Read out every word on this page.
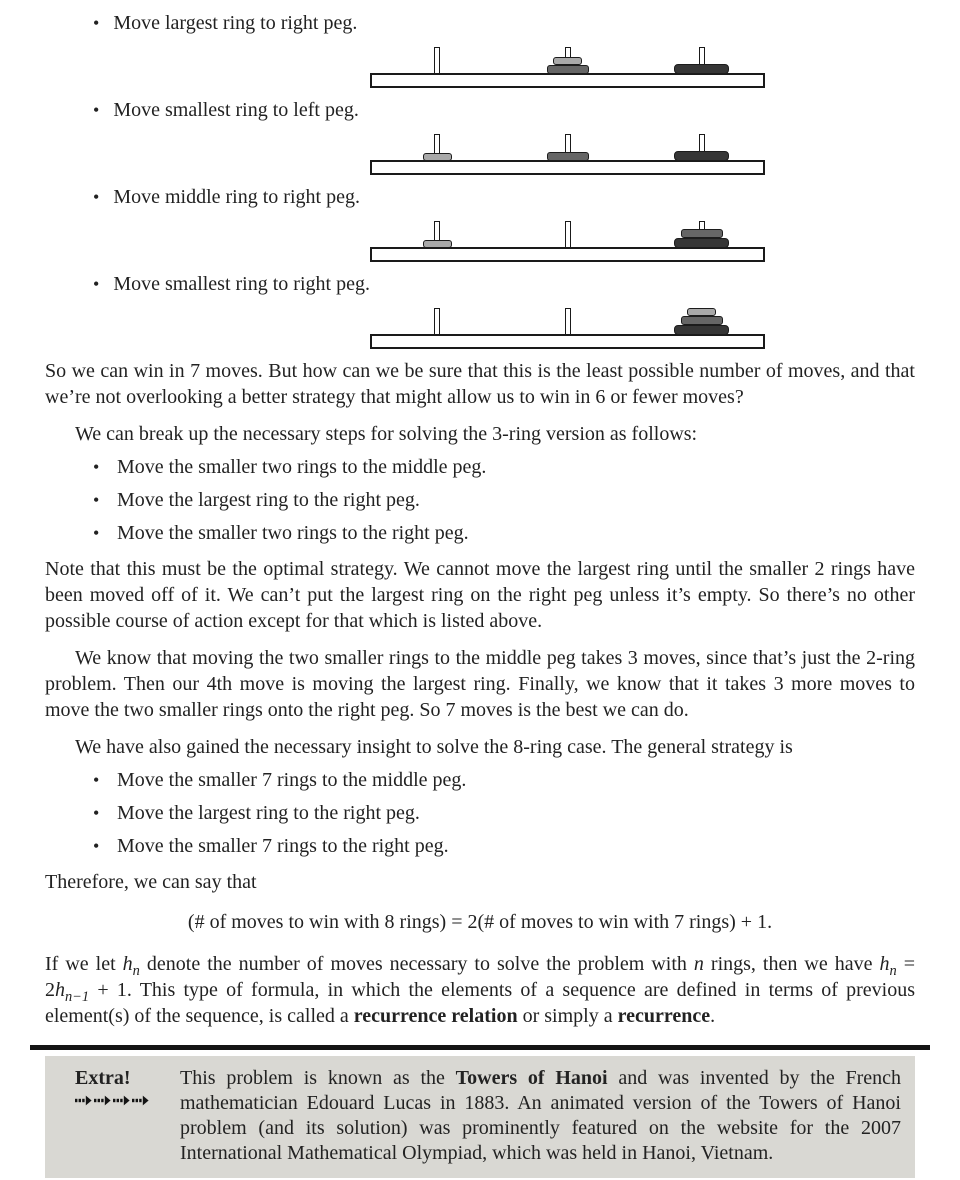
• Move largest ring to right peg.
• Move smallest ring to left peg.
• Move middle ring to right peg.
• Move smallest ring to right peg.

So we can win in 7 moves. But how can we be sure that this is the least possible number of moves, and that we’re not overlooking a better strategy that might allow us to win in 6 or fewer moves?

We can break up the necessary steps for solving the 3-ring version as follows:

• Move the smaller two rings to the middle peg.
• Move the largest ring to the right peg.
• Move the smaller two rings to the right peg.

Note that this must be the optimal strategy. We cannot move the largest ring until the smaller 2 rings have been moved off of it. We can’t put the largest ring on the right peg unless it’s empty. So there’s no other possible course of action except for that which is listed above.

We know that moving the two smaller rings to the middle peg takes 3 moves, since that’s just the 2-ring problem. Then our 4th move is moving the largest ring. Finally, we know that it takes 3 more moves to move the two smaller rings onto the right peg. So 7 moves is the best we can do.

We have also gained the necessary insight to solve the 8-ring case. The general strategy is

• Move the smaller 7 rings to the middle peg.
• Move the largest ring to the right peg.
• Move the smaller 7 rings to the right peg.

Therefore, we can say that

(# of moves to win with 8 rings) = 2(# of moves to win with 7 rings) + 1.

If we let $h_n$ denote the number of moves necessary to solve the problem with n rings, then we have $h_n = 2h_{n-1} + 1$. This type of formula, in which the elements of a sequence are defined in terms of previous element(s) of the sequence, is called a recurrence relation or simply a recurrence.

Extra!	This problem is known as the Towers of Hanoi and was invented by the French mathematician Edouard Lucas in 1883. An animated version of the Towers of Hanoi problem (and its solution) was prominently featured on the website for the 2007 International Mathematical Olympiad, which was held in Hanoi, Vietnam.
